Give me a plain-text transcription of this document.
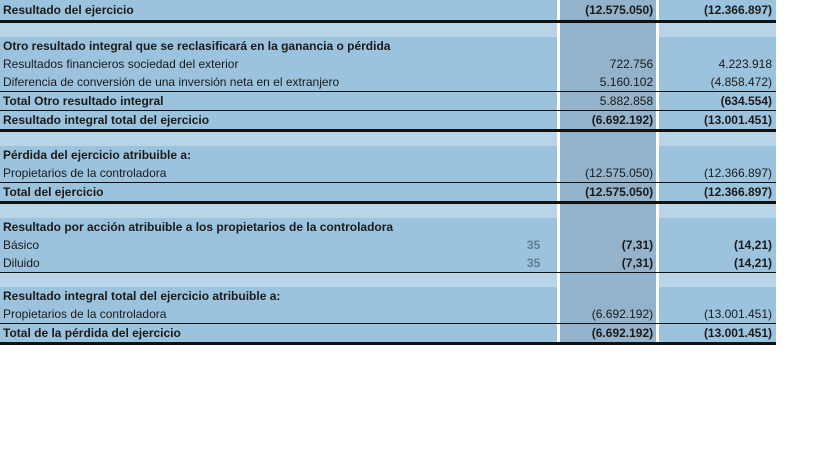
Resultado del ejercicio	(12.575.050)	(12.366.897)
Otro resultado integral que se reclasificará en la ganancia o pérdida
Resultados financieros sociedad del exterior	722.756	4.223.918
Diferencia de conversión de una inversión neta en el extranjero	5.160.102	(4.858.472)
Total Otro resultado integral	5.882.858	(634.554)
Resultado integral total del ejercicio	(6.692.192)	(13.001.451)
Pérdida del ejercicio atribuible a:
Propietarios de la controladora	(12.575.050)	(12.366.897)
Total del ejercicio	(12.575.050)	(12.366.897)
Resultado por acción atribuible a los propietarios de la controladora
Básico	35	(7,31)	(14,21)
Diluido	35	(7,31)	(14,21)
Resultado integral total del ejercicio atribuible a:
Propietarios de la controladora	(6.692.192)	(13.001.451)
Total de la pérdida del ejercicio	(6.692.192)	(13.001.451)
